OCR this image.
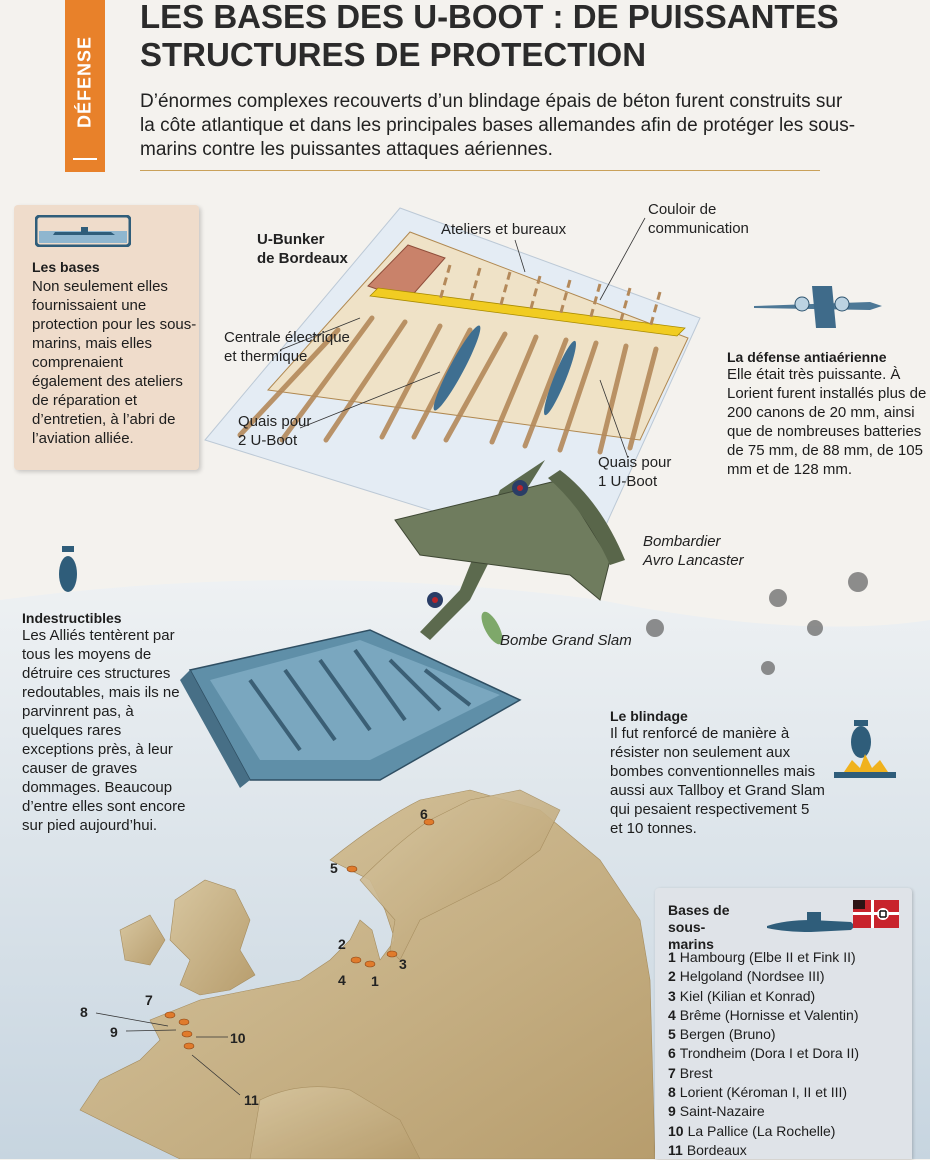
DÉFENSE
LES BASES DES U-BOOT : DE PUISSANTES STRUCTURES DE PROTECTION
D’énormes complexes recouverts d’un blindage épais de béton furent construits sur la côte atlantique et dans les principales bases allemandes afin de protéger les sous-marins contre les puissantes attaques aériennes.
Les bases
Non seulement elles fournissaient une protection pour les sous-marins, mais elles comprenaient également des ateliers de réparation et d’entretien, à l’abri de l’aviation alliée.
U-Bunker
de Bordeaux
Ateliers et bureaux
Couloir de
communication
Centrale électrique
et thermique
Quais pour
2 U-Boot
Quais pour
1 U-Boot
La défense antiaérienne
Elle était très puissante. À Lorient furent installés plus de 200 canons de 20 mm, ainsi que de nombreuses batteries de 75 mm, de 88 mm, de 105 mm et de 128 mm.
Bombardier
Avro Lancaster
Bombe Grand Slam
Indestructibles
Les Alliés tentèrent par tous les moyens de détruire ces structures redoutables, mais ils ne parvinrent pas, à quelques rares exceptions près, à leur causer de graves dommages. Beaucoup d’entre elles sont encore sur pied aujourd’hui.
Le blindage
Il fut renforcé de manière à résister non seulement aux bombes conventionnelles mais aussi aux Tallboy et Grand Slam qui pesaient respectivement 5 et 10 tonnes.
6
5
2
3
4 1
7
8
9	10
11
Bases de
sous-marins
1 Hambourg (Elbe II et Fink II)
2 Helgoland (Nordsee III)
3 Kiel (Kilian et Konrad)
4 Brême (Hornisse et Valentin)
5 Bergen (Bruno)
6 Trondheim (Dora I et Dora II)
7 Brest
8 Lorient (Kéroman I, II et III)
9 Saint-Nazaire
10 La Pallice (La Rochelle)
11 Bordeaux
